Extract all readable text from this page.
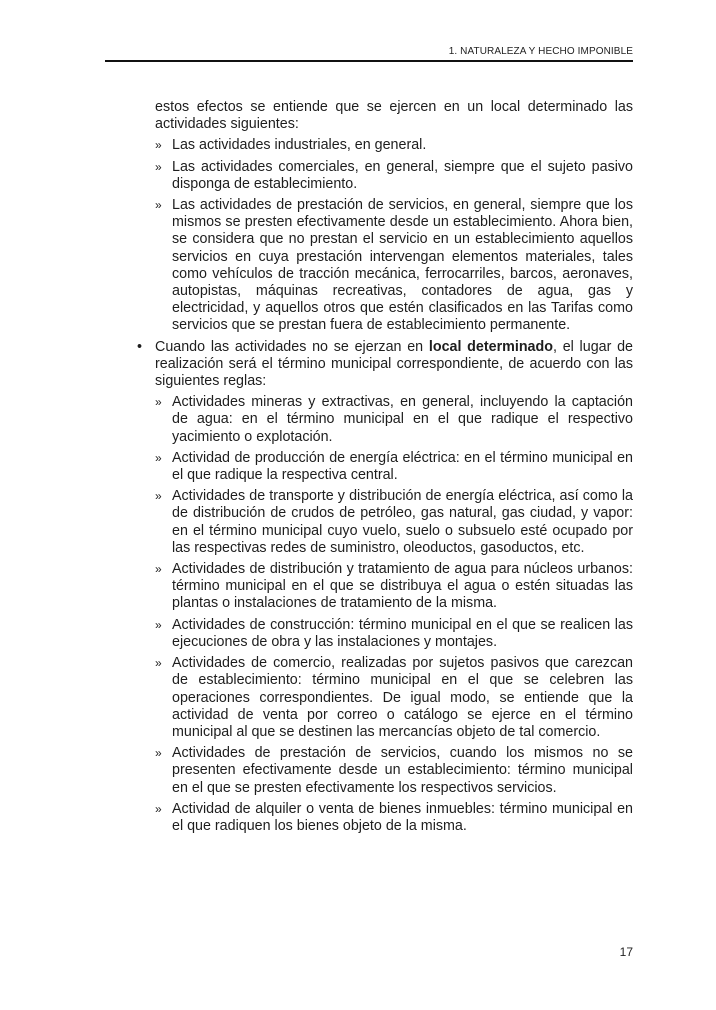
1. NATURALEZA Y HECHO IMPONIBLE

estos efectos se entiende que se ejercen en un local determinado las actividades siguientes:

» Las actividades industriales, en general.
» Las actividades comerciales, en general, siempre que el sujeto pasivo disponga de establecimiento.
» Las actividades de prestación de servicios, en general, siempre que los mismos se presten efectivamente desde un establecimiento. Ahora bien, se considera que no prestan el servicio en un establecimiento aquellos servicios en cuya prestación intervengan elementos materiales, tales como vehículos de tracción mecánica, ferrocarriles, barcos, aeronaves, autopistas, máquinas recreativas, contadores de agua, gas y electricidad, y aquellos otros que estén clasificados en las Tarifas como servicios que se prestan fuera de establecimiento permanente.
• Cuando las actividades no se ejerzan en local determinado, el lugar de realización será el término municipal correspondiente, de acuerdo con las siguientes reglas:

» Actividades mineras y extractivas, en general, incluyendo la captación de agua: en el término municipal en el que radique el respectivo yacimiento o explotación.
» Actividad de producción de energía eléctrica: en el término municipal en el que radique la respectiva central.
» Actividades de transporte y distribución de energía eléctrica, así como la de distribución de crudos de petróleo, gas natural, gas ciudad, y vapor: en el término municipal cuyo vuelo, suelo o subsuelo esté ocupado por las respectivas redes de suministro, oleoductos, gasoductos, etc.
» Actividades de distribución y tratamiento de agua para núcleos urbanos: término municipal en el que se distribuya el agua o estén situadas las plantas o instalaciones de tratamiento de la misma.
» Actividades de construcción: término municipal en el que se realicen las ejecuciones de obra y las instalaciones y montajes.
» Actividades de comercio, realizadas por sujetos pasivos que carezcan de establecimiento: término municipal en el que se celebren las operaciones correspondientes. De igual modo, se entiende que la actividad de venta por correo o catálogo se ejerce en el término municipal al que se destinen las mercancías objeto de tal comercio.
» Actividades de prestación de servicios, cuando los mismos no se presenten efectivamente desde un establecimiento: término municipal en el que se presten efectivamente los respectivos servicios.
» Actividad de alquiler o venta de bienes inmuebles: término municipal en el que radiquen los bienes objeto de la misma.
17
